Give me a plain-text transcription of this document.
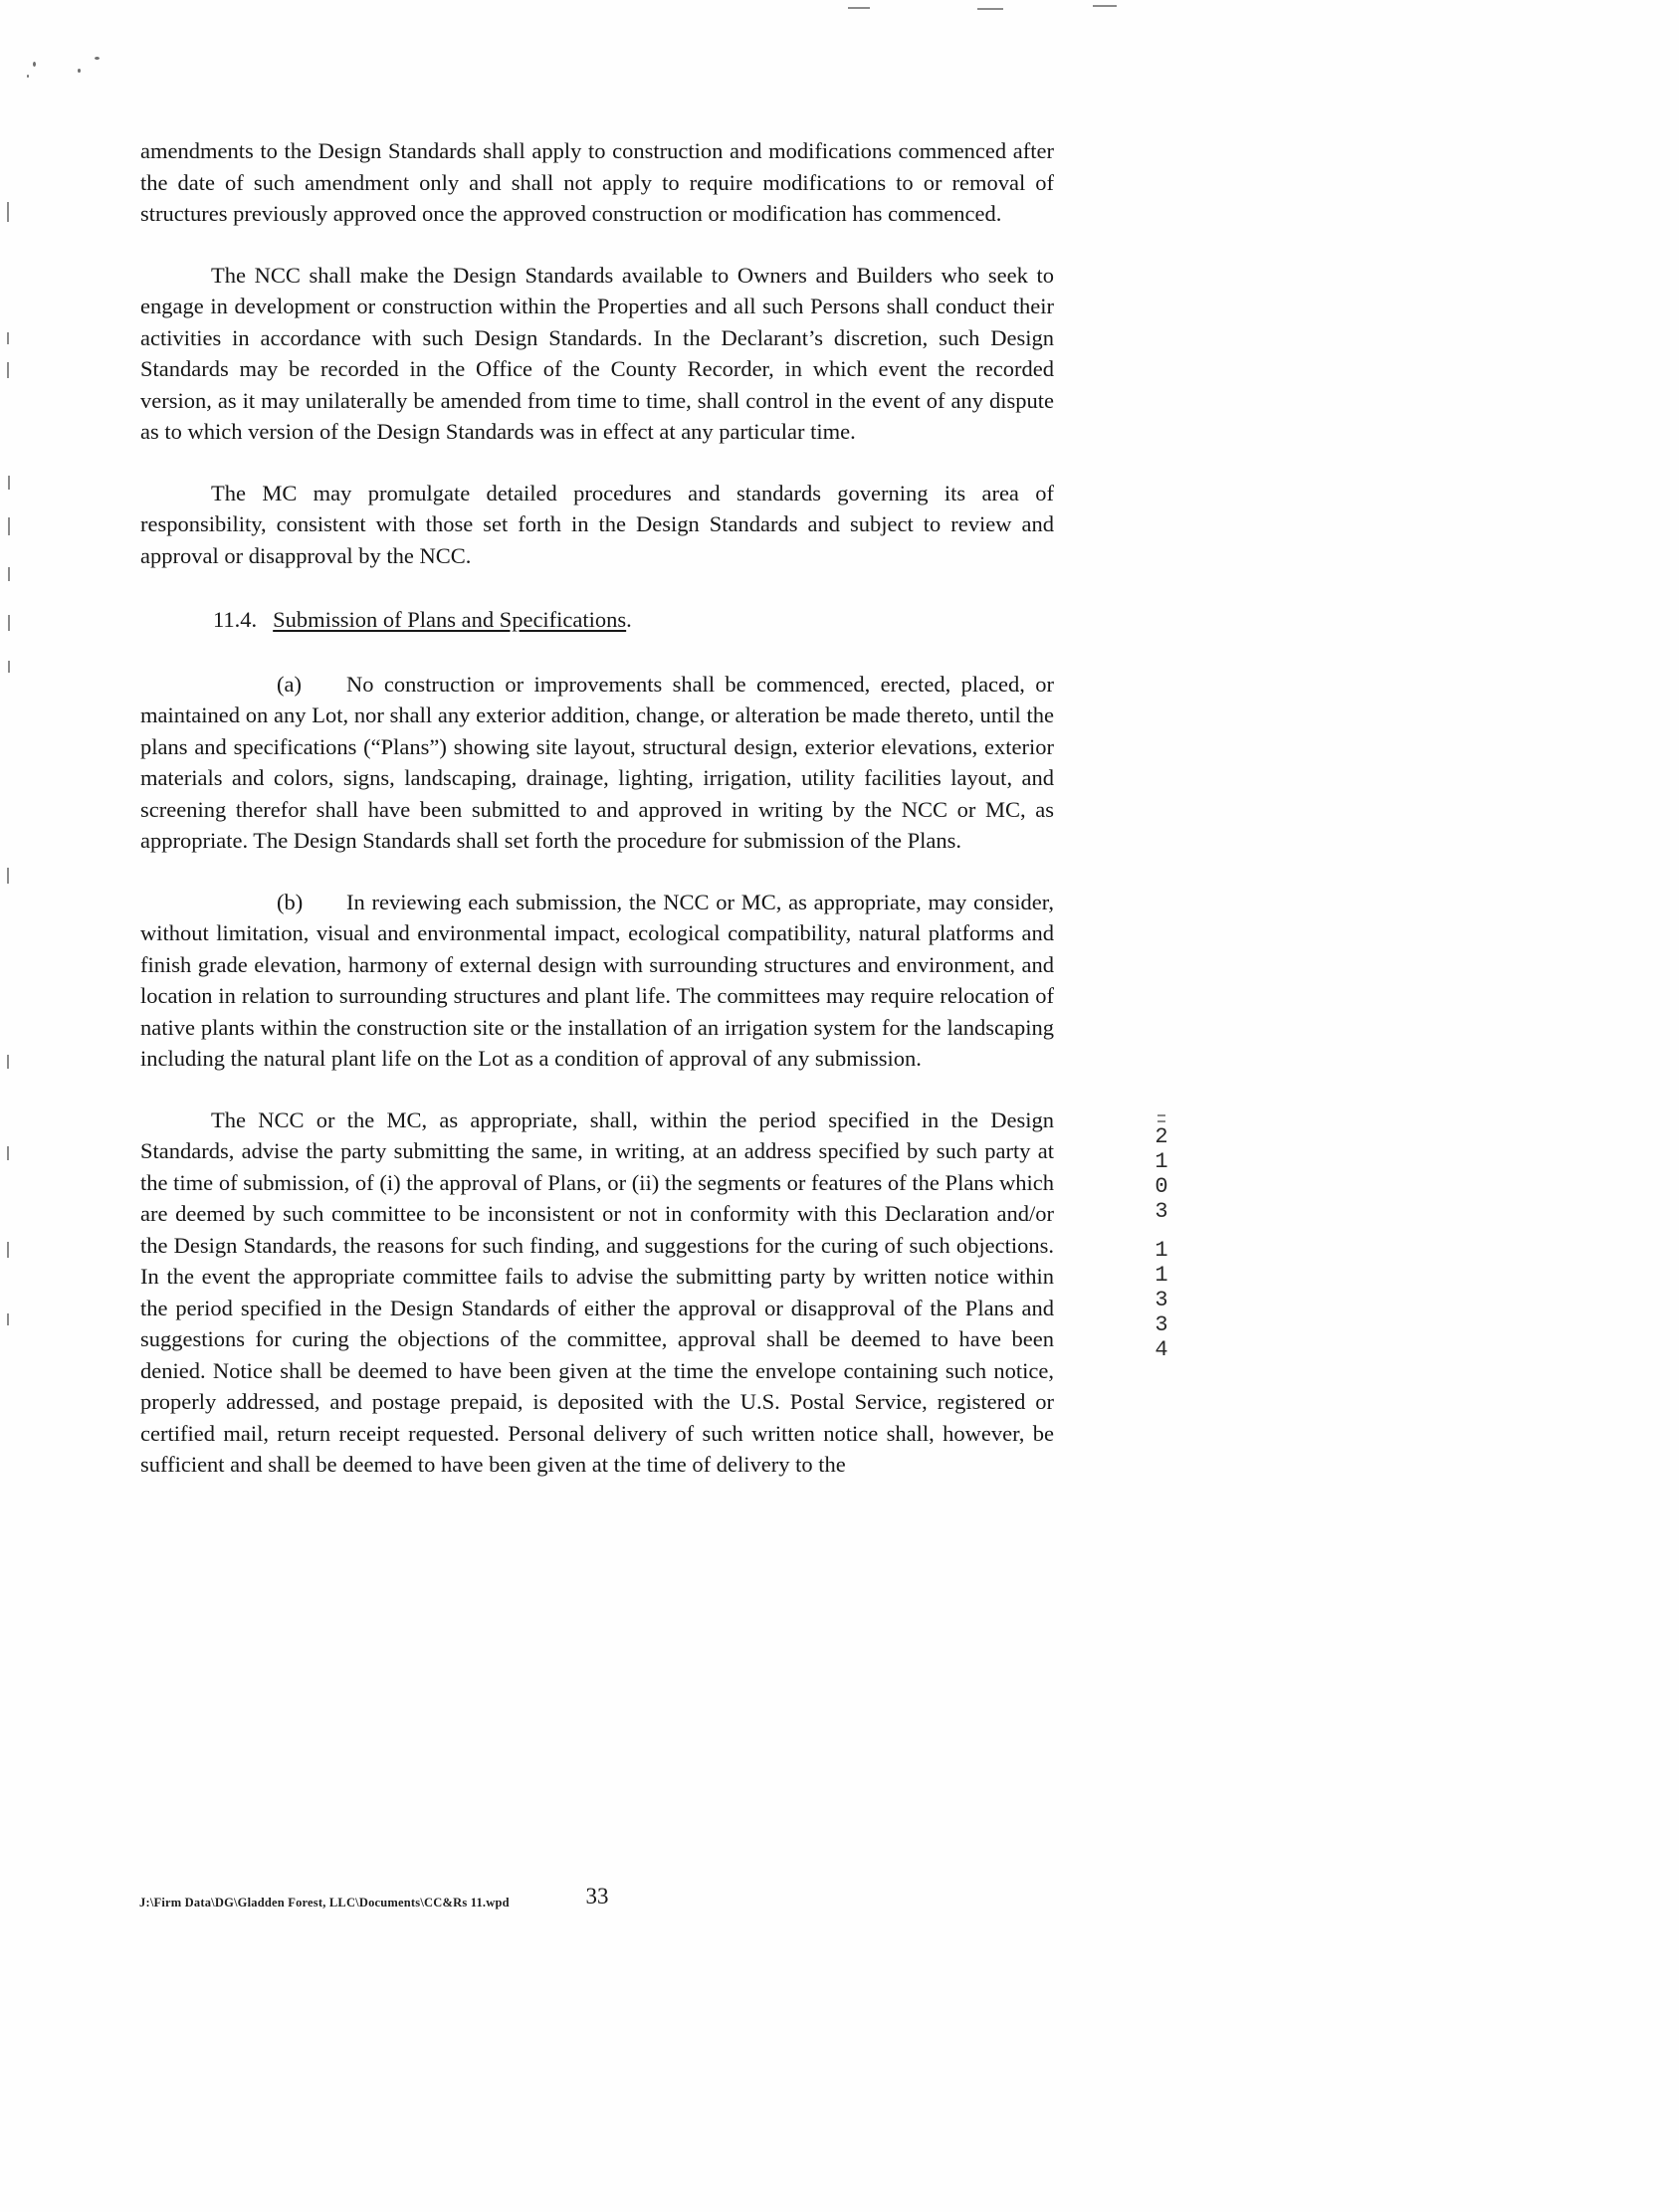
amendments to the Design Standards shall apply to construction and modifications commenced after the date of such amendment only and shall not apply to require modifications to or removal of structures previously approved once the approved construction or modification has commenced.

The NCC shall make the Design Standards available to Owners and Builders who seek to engage in development or construction within the Properties and all such Persons shall conduct their activities in accordance with such Design Standards. In the Declarant’s discretion, such Design Standards may be recorded in the Office of the County Recorder, in which event the recorded version, as it may unilaterally be amended from time to time, shall control in the event of any dispute as to which version of the Design Standards was in effect at any particular time.

The MC may promulgate detailed procedures and standards governing its area of responsibility, consistent with those set forth in the Design Standards and subject to review and approval or disapproval by the NCC.

11.4. Submission of Plans and Specifications.

(a) No construction or improvements shall be commenced, erected, placed, or maintained on any Lot, nor shall any exterior addition, change, or alteration be made thereto, until the plans and specifications (“Plans”) showing site layout, structural design, exterior elevations, exterior materials and colors, signs, landscaping, drainage, lighting, irrigation, utility facilities layout, and screening therefor shall have been submitted to and approved in writing by the NCC or MC, as appropriate. The Design Standards shall set forth the procedure for submission of the Plans.

(b) In reviewing each submission, the NCC or MC, as appropriate, may consider, without limitation, visual and environmental impact, ecological compatibility, natural platforms and finish grade elevation, harmony of external design with surrounding structures and environment, and location in relation to surrounding structures and plant life. The committees may require relocation of native plants within the construction site or the installation of an irrigation system for the landscaping including the natural plant life on the Lot as a condition of approval of any submission.

The NCC or the MC, as appropriate, shall, within the period specified in the Design Standards, advise the party submitting the same, in writing, at an address specified by such party at the time of submission, of (i) the approval of Plans, or (ii) the segments or features of the Plans which are deemed by such committee to be inconsistent or not in conformity with this Declaration and/or the Design Standards, the reasons for such finding, and suggestions for the curing of such objections. In the event the appropriate committee fails to advise the submitting party by written notice within the period specified in the Design Standards of either the approval or disapproval of the Plans and suggestions for curing the objections of the committee, approval shall be deemed to have been denied. Notice shall be deemed to have been given at the time the envelope containing such notice, properly addressed, and postage prepaid, is deposited with the U.S. Postal Service, registered or certified mail, return receipt requested. Personal delivery of such written notice shall, however, be sufficient and shall be deemed to have been given at the time of delivery to the

2
1
0
3
1
1
3
3
4
33
J:\Firm Data\DG\Gladden Forest, LLC\Documents\CC&Rs 11.wpd
